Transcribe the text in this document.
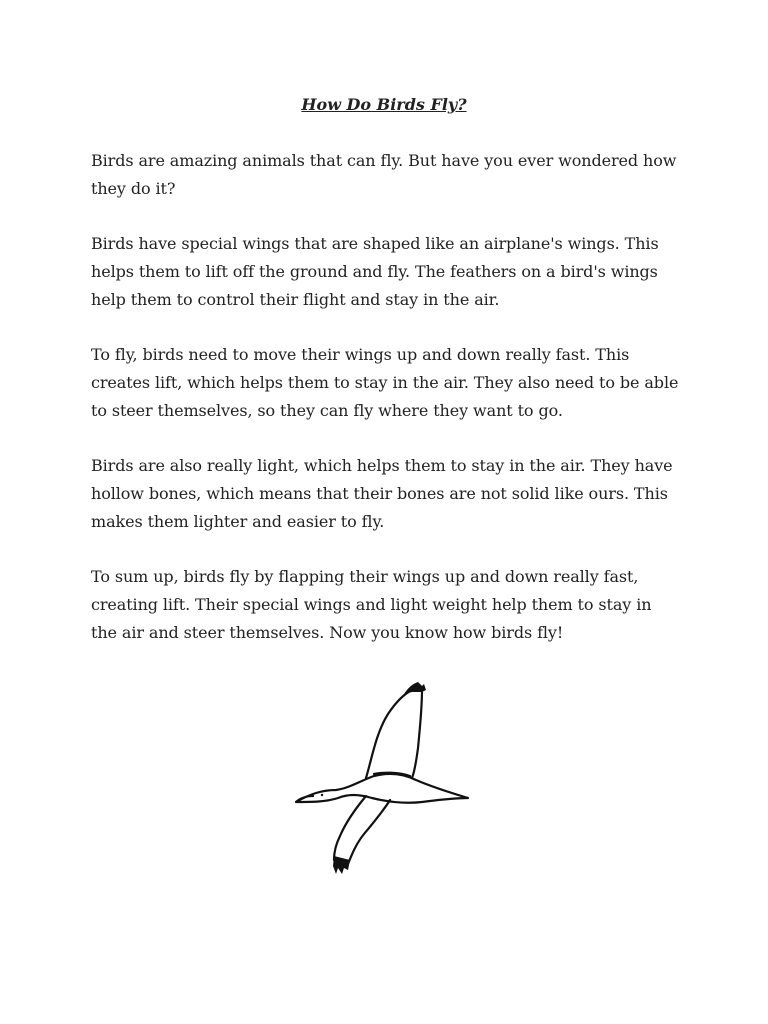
How Do Birds Fly?

Birds are amazing animals that can fly. But have you ever wondered how they do it?

Birds have special wings that are shaped like an airplane's wings. This helps them to lift off the ground and fly. The feathers on a bird's wings help them to control their flight and stay in the air.

To fly, birds need to move their wings up and down really fast. This creates lift, which helps them to stay in the air. They also need to be able to steer themselves, so they can fly where they want to go.

Birds are also really light, which helps them to stay in the air. They have hollow bones, which means that their bones are not solid like ours. This makes them lighter and easier to fly.

To sum up, birds fly by flapping their wings up and down really fast, creating lift. Their special wings and light weight help them to stay in the air and steer themselves. Now you know how birds fly!
